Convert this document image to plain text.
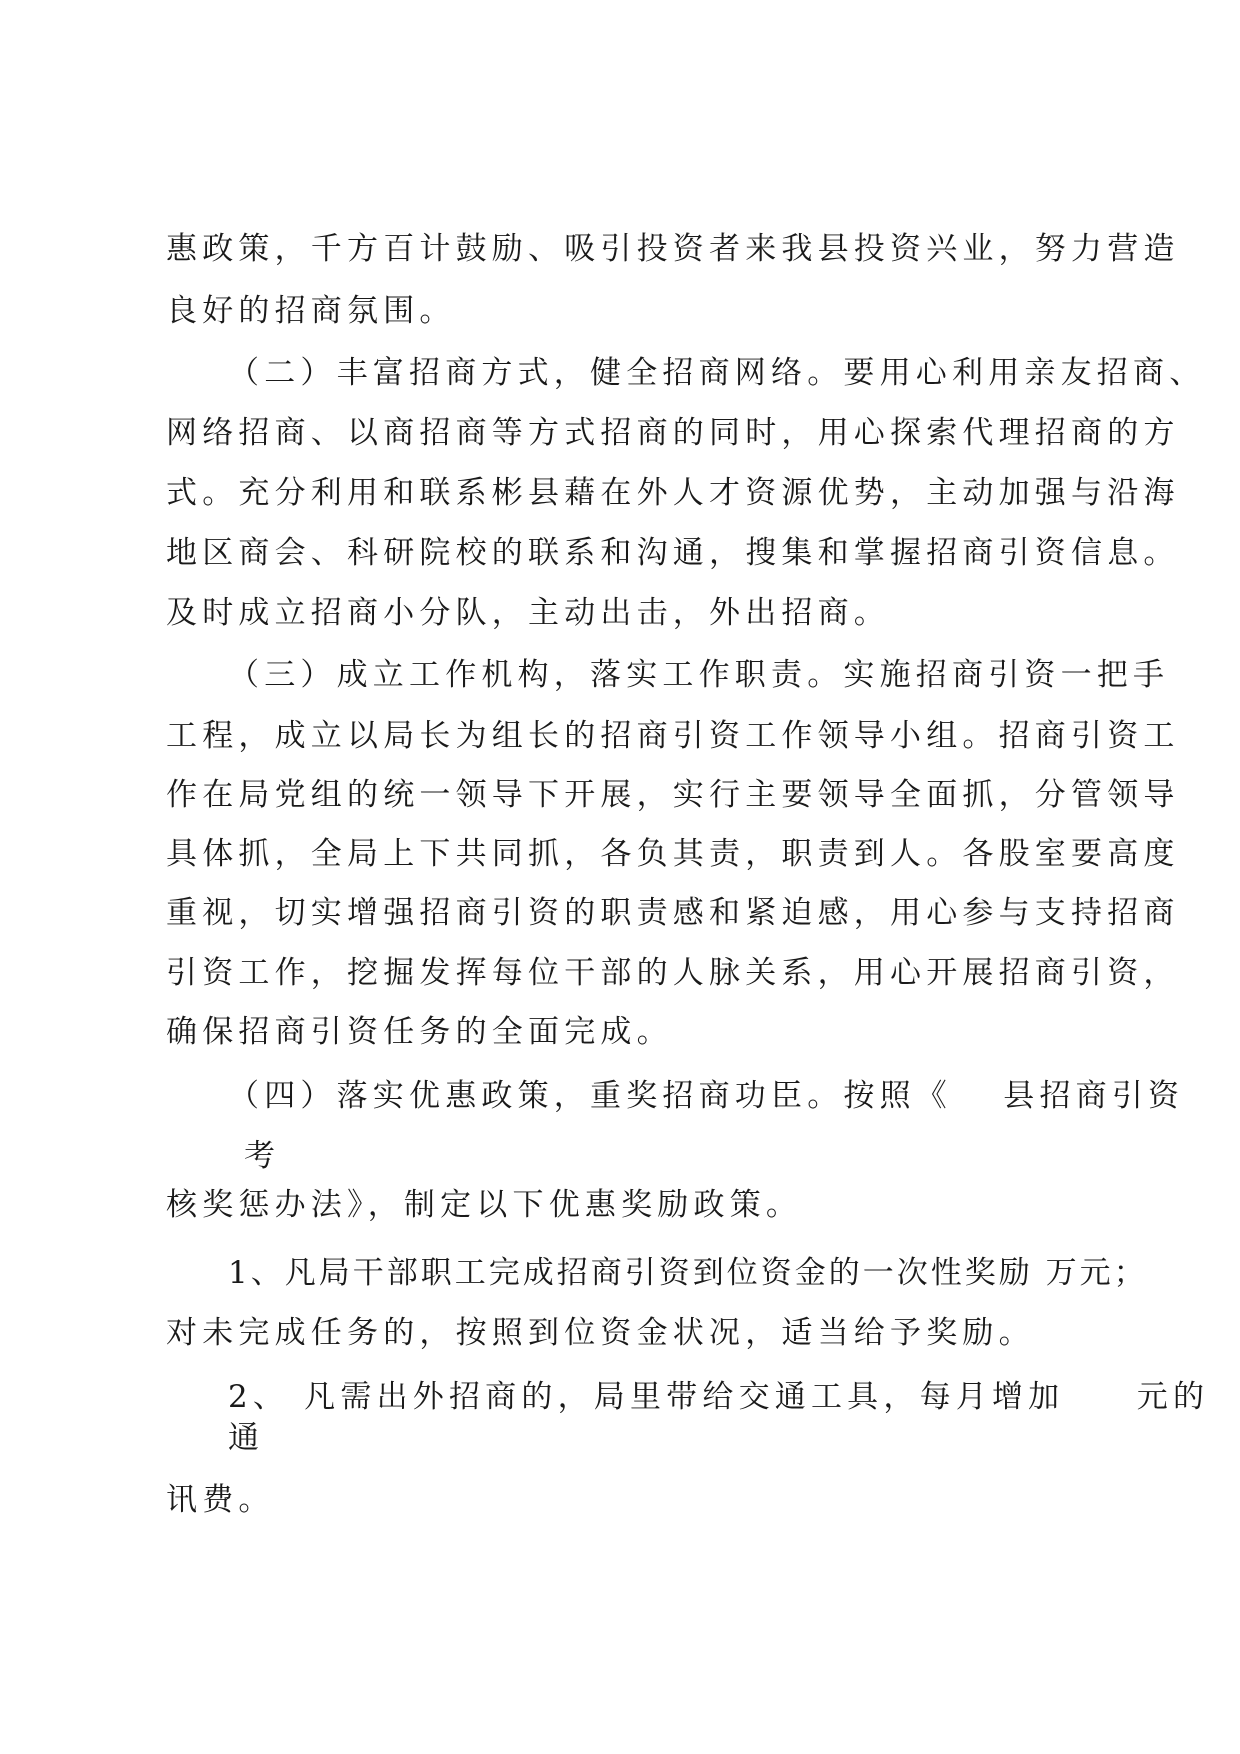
惠政策，千方百计鼓励、吸引投资者来我县投资兴业，努力营造
良好的招商氛围。
（二）丰富招商方式，健全招商网络。要用心利用亲友招商、
网络招商、以商招商等方式招商的同时，用心探索代理招商的方
式。充分利用和联系彬县藉在外人才资源优势，主动加强与沿海
地区商会、科研院校的联系和沟通，搜集和掌握招商引资信息。
及时成立招商小分队，主动出击，外出招商。
（三）成立工作机构，落实工作职责。实施招商引资一把手
工程，成立以局长为组长的招商引资工作领导小组。招商引资工
作在局党组的统一领导下开展，实行主要领导全面抓，分管领导
具体抓，全局上下共同抓，各负其责，职责到人。各股室要高度
重视，切实增强招商引资的职责感和紧迫感，用心参与支持招商
引资工作，挖掘发挥每位干部的人脉关系，用心开展招商引资，
确保招商引资任务的全面完成。
（四）落实优惠政策，重奖招商功臣。按照《　 县招商引资
考
核奖惩办法》，制定以下优惠奖励政策。
1、凡局干部职工完成招商引资到位资金的一次性奖励 万元；
对未完成任务的，按照到位资金状况，适当给予奖励。
2、 凡需出外招商的，局里带给交通工具，每月增加　　元的
通
讯费。
